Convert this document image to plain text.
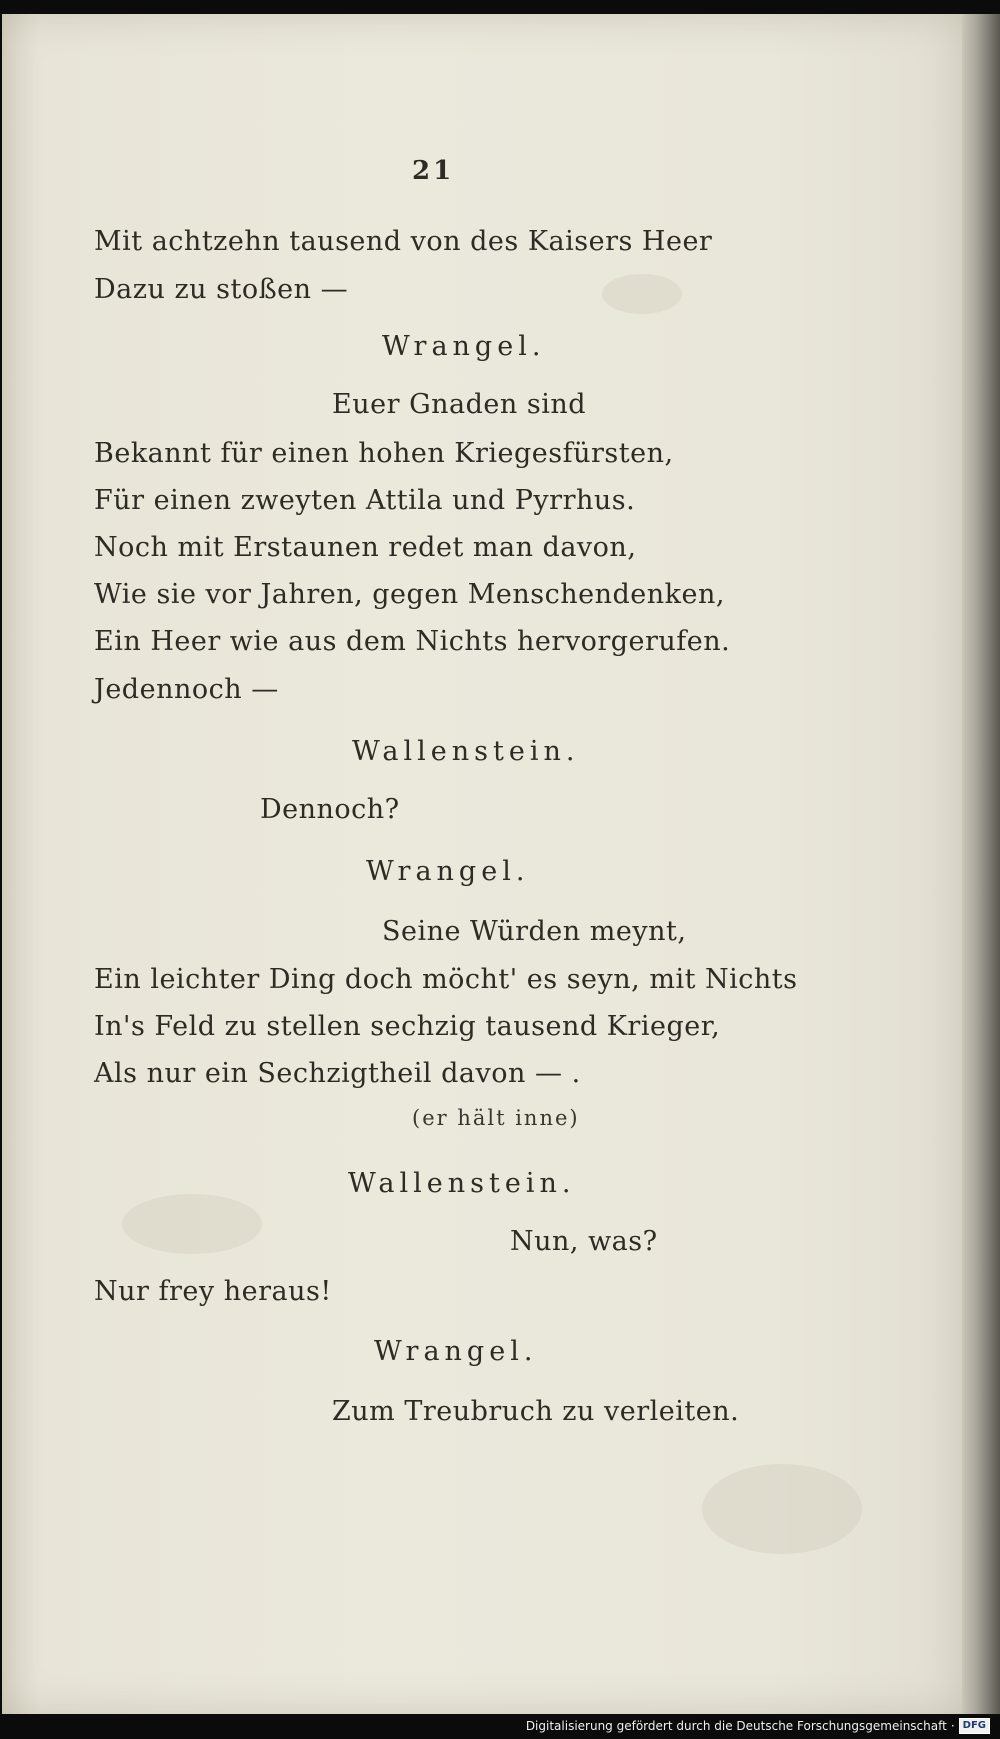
21
Mit achtzehn tausend von des Kaisers Heer
Dazu zu stoßen —
Wrangel.
Euer Gnaden sind
Bekannt für einen hohen Kriegesfürsten,
Für einen zweyten Attila und Pyrrhus.
Noch mit Erstaunen redet man davon,
Wie sie vor Jahren, gegen Menschendenken,
Ein Heer wie aus dem Nichts hervorgerufen.
Jedennoch —
Wallenstein.
Dennoch?
Wrangel.
Seine Würden meynt,
Ein leichter Ding doch möcht' es seyn, mit Nichts
In's Feld zu stellen sechzig tausend Krieger,
Als nur ein Sechzigtheil davon — .
(er hält inne)
Wallenstein.
Nun, was?
Nur frey heraus!
Wrangel.
Zum Treubruch zu verleiten.
Digitalisierung gefördert durch die Deutsche Forschungsgemeinschaft · DFG
